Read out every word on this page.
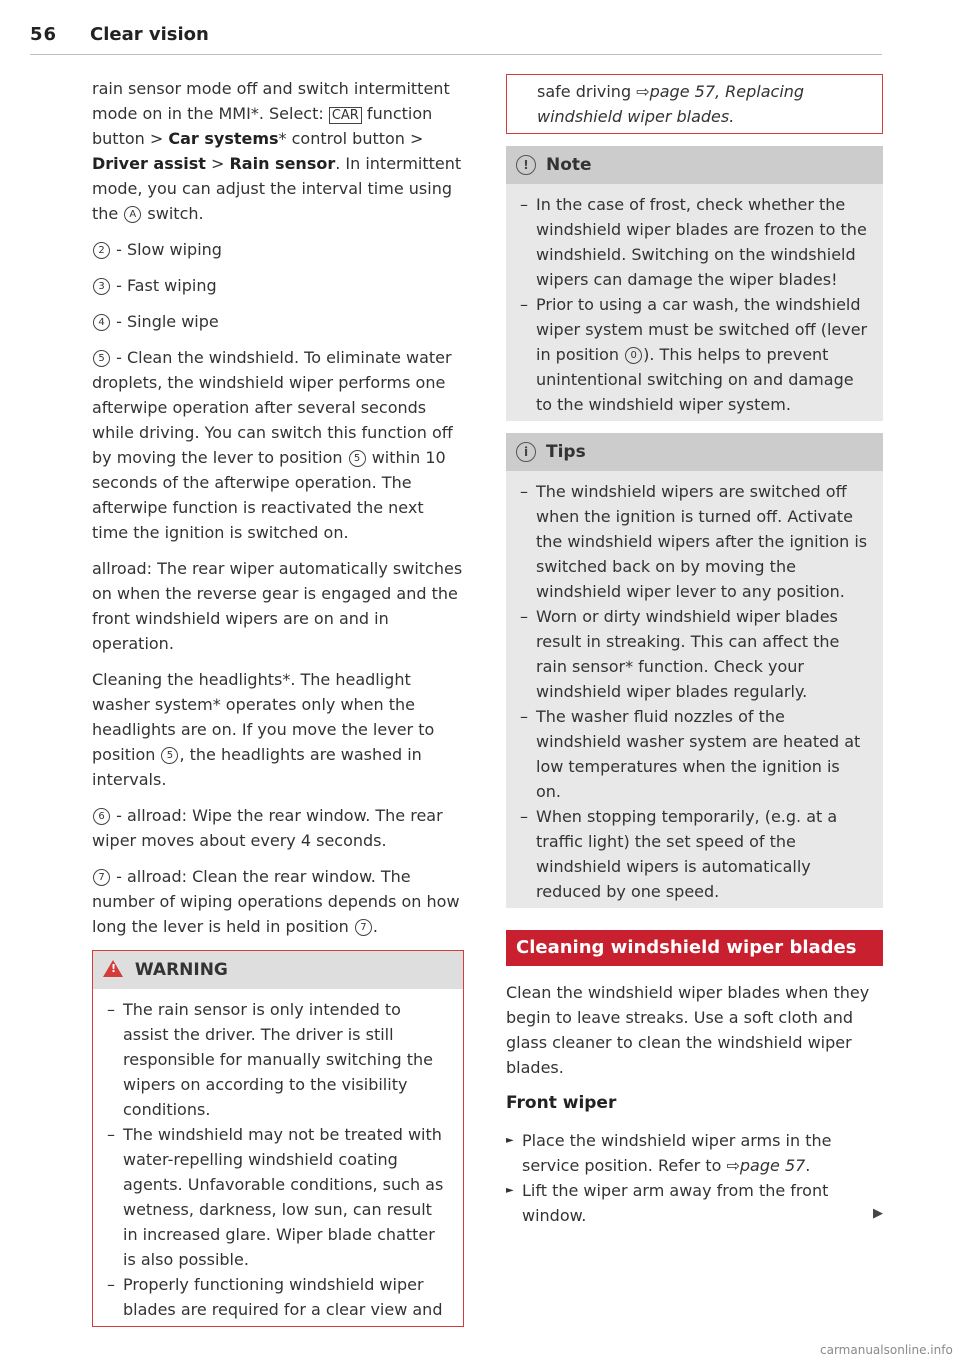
56 Clear vision

rain sensor mode off and switch intermittent mode on in the MMI*. Select: CAR function button > Car systems* control button > Driver assist > Rain sensor. In intermittent mode, you can adjust the interval time using the A switch.

2 - Slow wiping

3 - Fast wiping

4 - Single wipe

5 - Clean the windshield. To eliminate water droplets, the windshield wiper performs one afterwipe operation after several seconds while driving. You can switch this function off by moving the lever to position 5 within 10 seconds of the afterwipe operation. The afterwipe function is reactivated the next time the ignition is switched on.

allroad: The rear wiper automatically switches on when the reverse gear is engaged and the front windshield wipers are on and in operation.

Cleaning the headlights*. The headlight washer system* operates only when the headlights are on. If you move the lever to position 5 , the headlights are washed in intervals.

6 - allroad: Wipe the rear window. The rear wiper moves about every 4 seconds.

7 - allroad: Clean the rear window. The number of wiping operations depends on how long the lever is held in position 7 .

! WARNING
– The rain sensor is only intended to assist the driver. The driver is still responsible for manually switching the wipers on according to the visibility conditions.
– The windshield may not be treated with water-repelling windshield coating agents. Unfavorable conditions, such as wetness, darkness, low sun, can result in increased glare. Wiper blade chatter is also possible.
– Properly functioning windshield wiper blades are required for a clear view and
safe driving ⇨page 57, Replacing windshield wiper blades.
! Note
– In the case of frost, check whether the windshield wiper blades are frozen to the windshield. Switching on the windshield wipers can damage the wiper blades!
– Prior to using a car wash, the windshield wiper system must be switched off (lever in position 0 ). This helps to prevent unintentional switching on and damage to the windshield wiper system.
i Tips
– The windshield wipers are switched off when the ignition is turned off. Activate the windshield wipers after the ignition is switched back on by moving the windshield wiper lever to any position.
– Worn or dirty windshield wiper blades result in streaking. This can affect the rain sensor* function. Check your windshield wiper blades regularly.
– The washer fluid nozzles of the windshield washer system are heated at low temperatures when the ignition is on.
– When stopping temporarily, (e.g. at a traffic light) the set speed of the windshield wipers is automatically reduced by one speed.
Cleaning windshield wiper blades

Clean the windshield wiper blades when they begin to leave streaks. Use a soft cloth and glass cleaner to clean the windshield wiper blades.

Front wiper
► Place the windshield wiper arms in the service position. Refer to ⇨page 57.
► Lift the wiper arm away from the front window.	▶
carmanualsonline.info
